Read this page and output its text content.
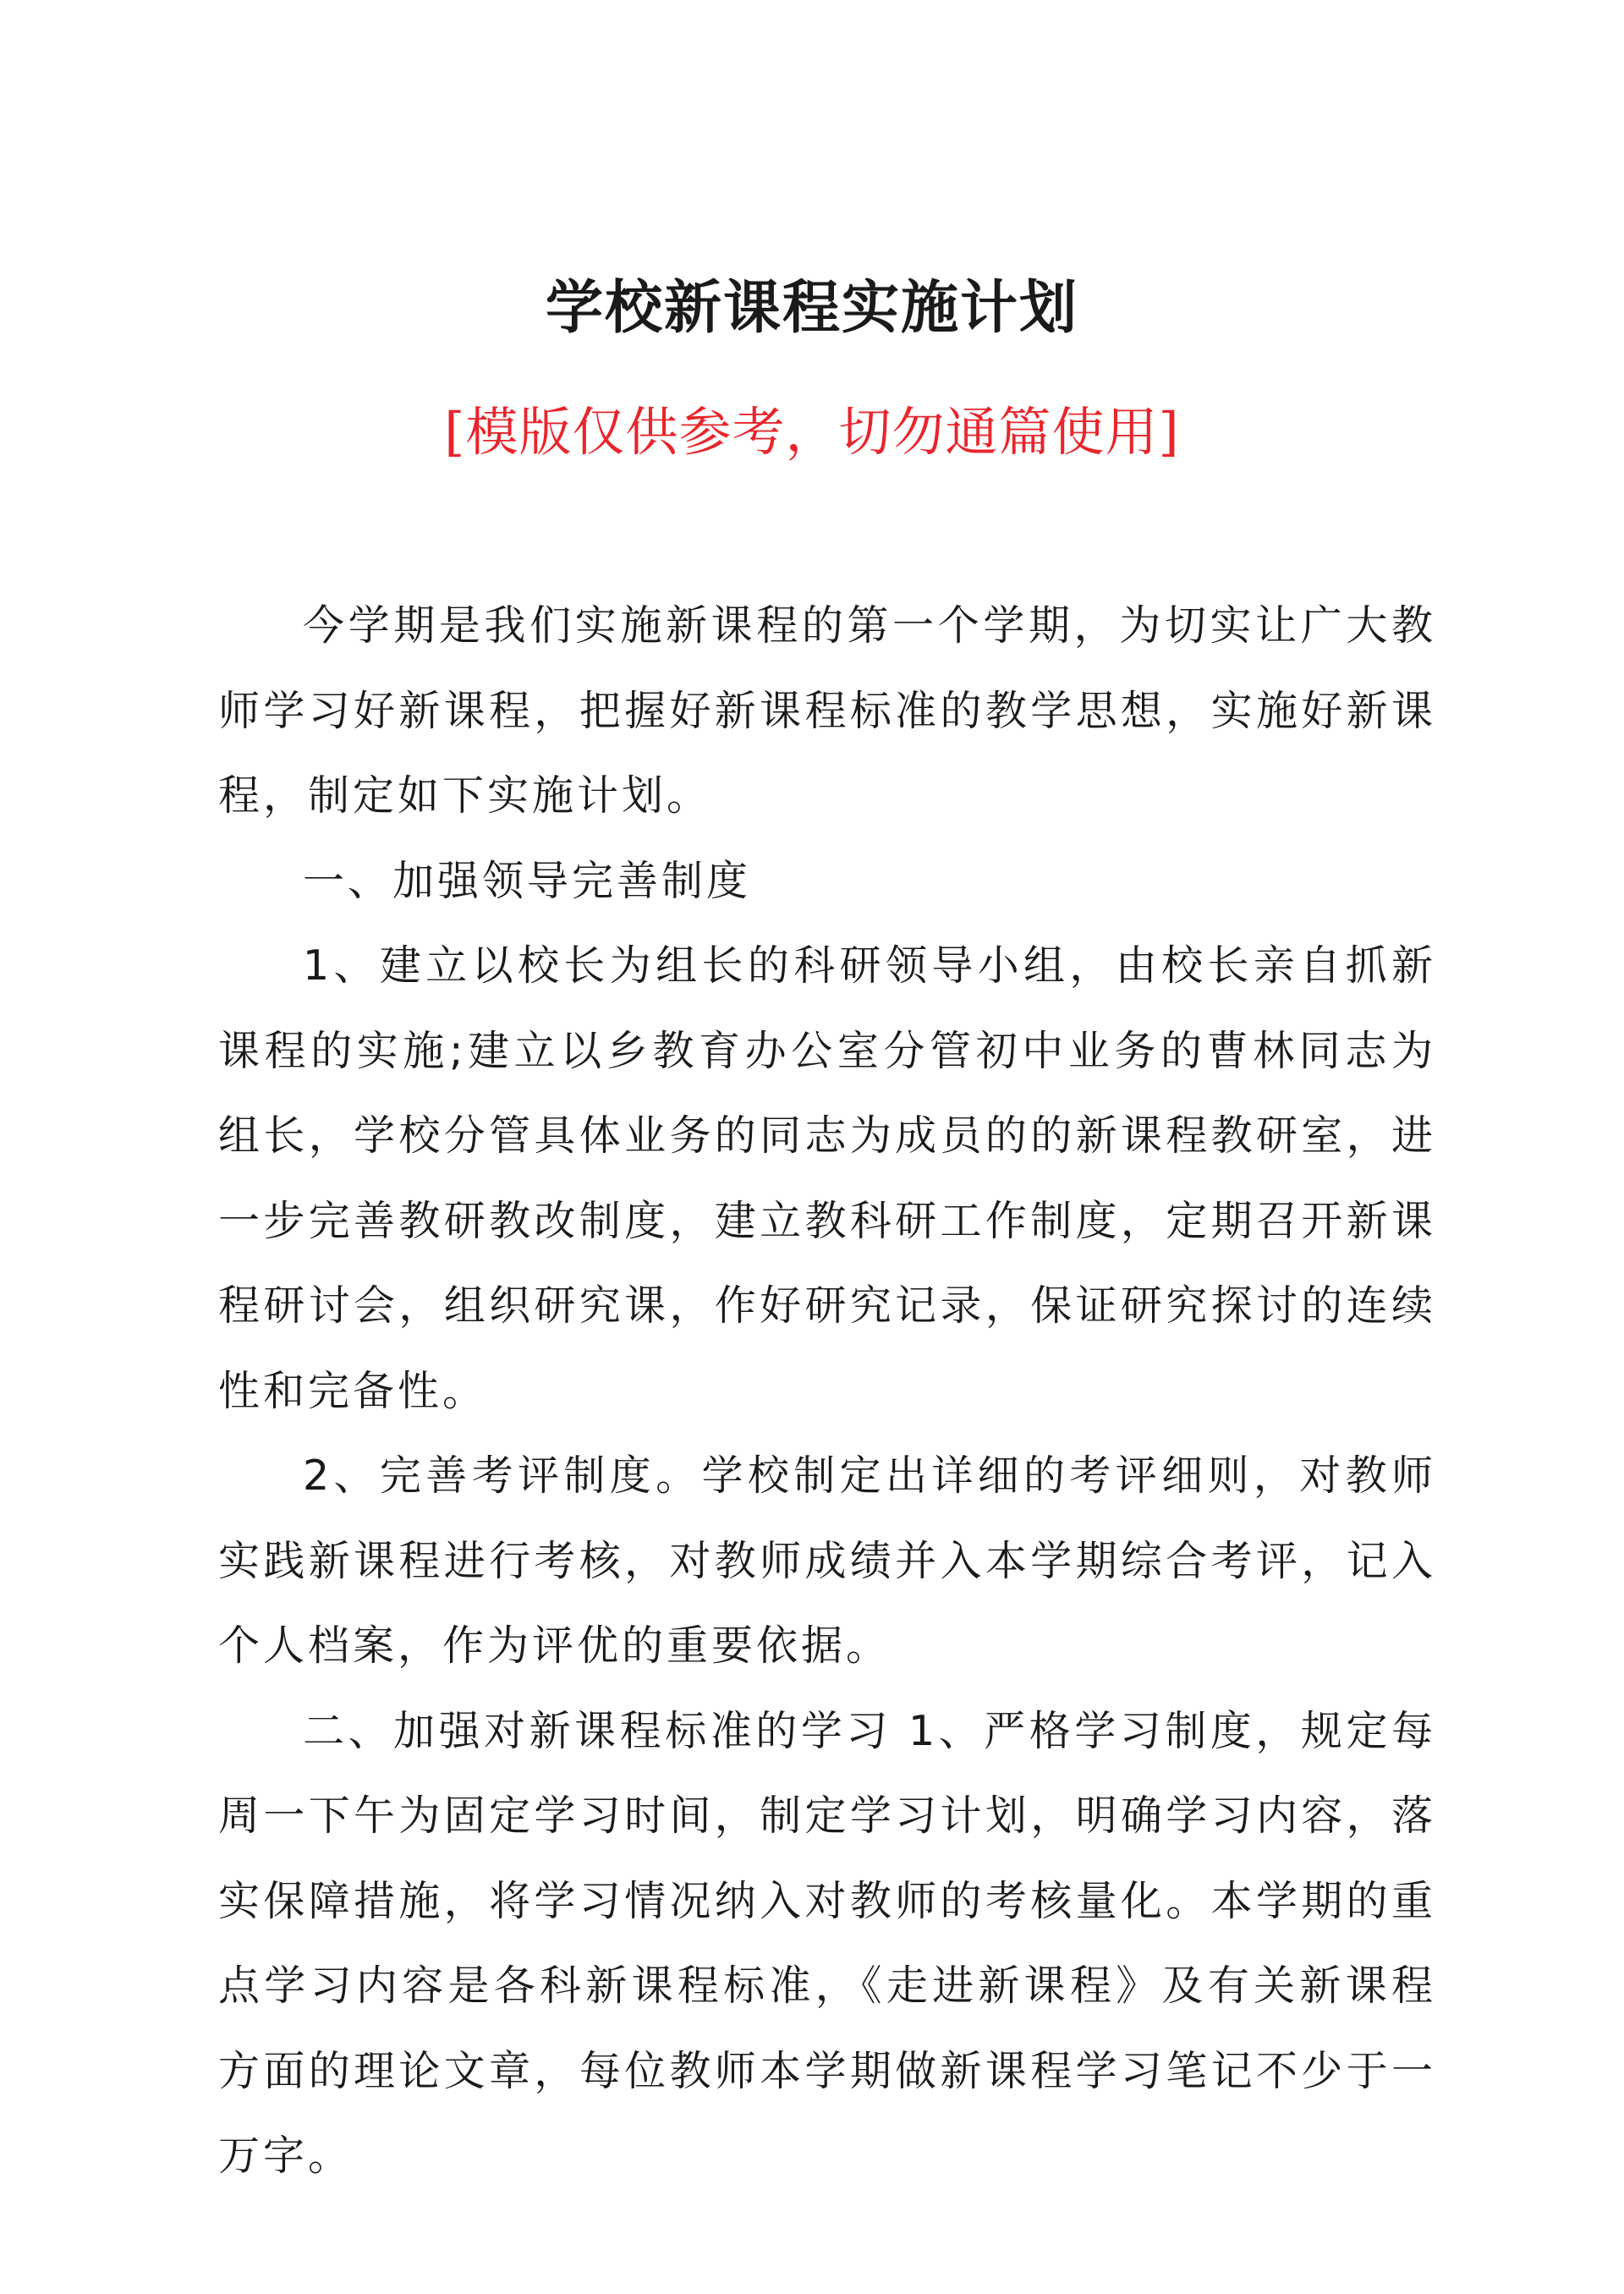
学校新课程实施计划
[模版仅供参考，切勿通篇使用]

今学期是我们实施新课程的第一个学期，为切实让广大教师学习好新课程，把握好新课程标准的教学思想，实施好新课程，制定如下实施计划。

一、加强领导完善制度

1、建立以校长为组长的科研领导小组，由校长亲自抓新课程的实施;建立以乡教育办公室分管初中业务的曹林同志为组长，学校分管具体业务的同志为成员的的新课程教研室，进一步完善教研教改制度，建立教科研工作制度，定期召开新课程研讨会，组织研究课，作好研究记录，保证研究探讨的连续性和完备性。

2、完善考评制度。学校制定出详细的考评细则，对教师实践新课程进行考核，对教师成绩并入本学期综合考评，记入个人档案，作为评优的重要依据。

二、加强对新课程标准的学习 1、严格学习制度，规定每周一下午为固定学习时间，制定学习计划，明确学习内容，落实保障措施，将学习情况纳入对教师的考核量化。本学期的重点学习内容是各科新课程标准，《走进新课程》及有关新课程方面的理论文章，每位教师本学期做新课程学习笔记不少于一万字。
